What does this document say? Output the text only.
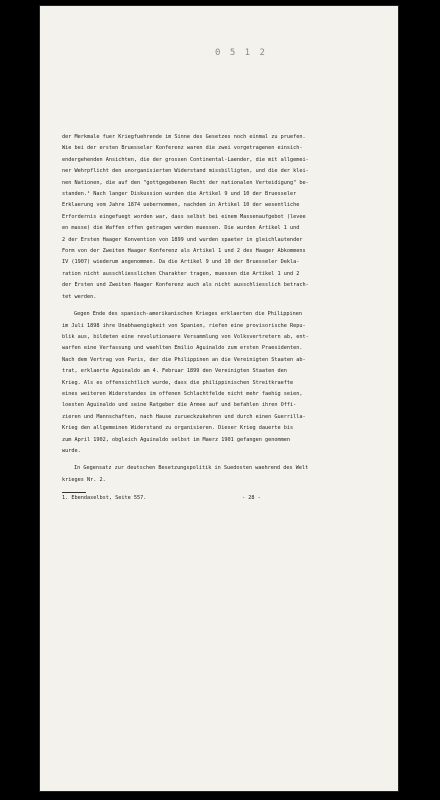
0 5 1 2
der Merkmale fuer Kriegfuehrende im Sinne des Gesetzes noch einmal zu pruefen.
Wie bei der ersten Bruesseler Konferenz waren die zwei vorgetragenen einsich-
endergehenden Ansichten, die der grossen Continental-Laender, die mit allgemei-
ner Wehrpflicht den unorganisierten Widerstand missbilligten, und die der klei-
nen Nationen, die auf den "gottgegebenen Recht der nationalen Verteidigung" be-
standen.¹ Nach langer Diskussion wurden die Artikel 9 und 10 der Bruesseler
Erklaerung vom Jahre 1874 uebernommen, nachdem in Artikel 10 der wesentliche
Erfordernis eingefuegt worden war, dass selbst bei einem Massenaufgebot (levee
en masse) die Waffen offen getragen werden muessen. Die wurden Artikel 1 und
2 der Ersten Haager Konvention von 1899 und wurden spaeter in gleichlautender
Form von der Zweiten Haager Konferenz als Artikel 1 und 2 des Haager Abkommens
IV (1907) wiederum angenommen. Da die Artikel 9 und 10 der Bruesseler Dekla-
ration nicht ausschliesslichen Charakter tragen, muessen die Artikel 1 und 2
der Ersten und Zweiten Haager Konferenz auch als nicht ausschliesslich betrach-
tet werden.
Gegen Ende des spanisch-amerikanischen Krieges erklaerten die Philippinen
im Juli 1898 ihre Unabhaengigkeit von Spanien, riefen eine provisorische Repu-
blik aus, bildeten eine revolutionaere Versammlung von Volksvertretern ab, ent-
warfen eine Verfassung und waehlten Emilio Aguinaldo zum ersten Praesidenten.
Nach dem Vertrag von Paris, der die Philippinen an die Vereinigten Staaten ab-
trat, erklaerte Aguinaldo am 4. Februar 1899 den Vereinigten Staaten den
Krieg. Als es offensichtlich wurde, dass die philippinischen Streitkraefte
eines weiteren Widerstandes im offenen Schlachtfelde nicht mehr faehig seien,
loesten Aguinaldo und seine Ratgeber die Armee auf und befahlen ihren Offi-
zieren und Mannschaften, nach Hause zurueckzukehren und durch einen Guerrilla-
Krieg den allgemeinen Widerstand zu organisieren. Dieser Krieg dauerte bis
zum April 1902, obgleich Aguinaldo selbst im Maerz 1901 gefangen genommen
wurde.
In Gegensatz zur deutschen Besetzungspolitik in Suedosten waehrend des Welt
krieges Nr. 2.
1. Ebendaselbst, Seite 557.	- 28 -
